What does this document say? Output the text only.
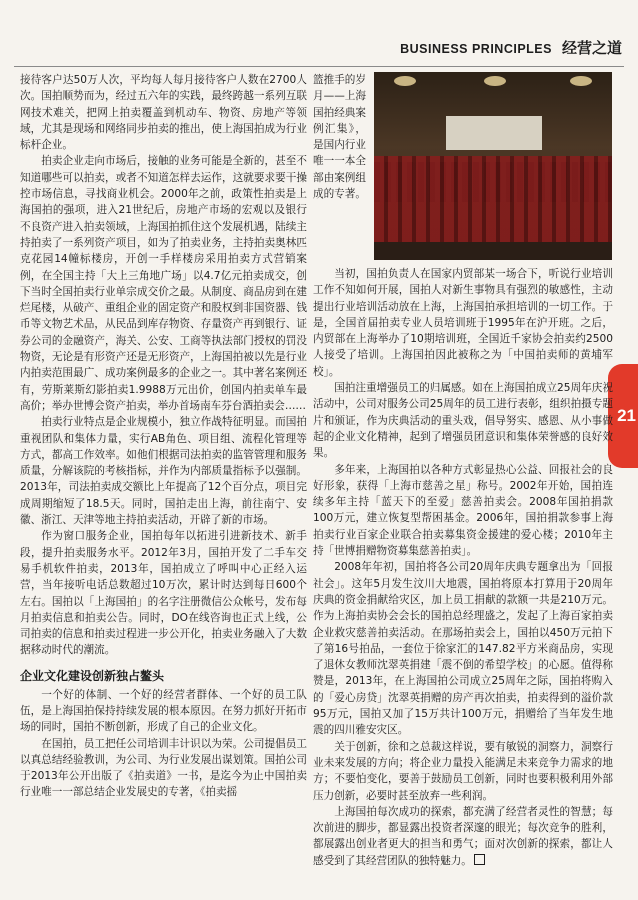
BUSINESS PRINCIPLES 经营之道
21

接待客户达50万人次，平均每人每月接待客户人数在2700人次。国拍顺势而为，经过五六年的实践，最终跨越一系列互联网技术难关，把网上拍卖覆盖到机动车、物资、房地产等领域，尤其是现场和网络同步拍卖的推出，使上海国拍成为行业标杆企业。

拍卖企业走向市场后，接触的业务可能是全新的，甚至不知道哪些可以拍卖，或者不知道怎样去运作，这就要求要干操控市场信息，寻找商业机会。2000年之前，政策性拍卖是上海国拍的强项，进入21世纪后，房地产市场的宏观以及银行不良资产进入拍卖领域，上海国拍抓住这个发展机遇，陆续主持拍卖了一系列资产项目，如为了拍卖业务，主持拍卖奥林匹克花园14幢标楼房，开创一手样楼房采用拍卖方式营销案例，在全国主持「大上三角地广场」以4.7亿元拍卖成交，创下当时全国拍卖行业单宗成交价之最。从制度、商品房到在建烂尾楼，从破产、重组企业的固定资产和股权到非国资器、钱币等文物艺术品，从民品到库存物资、存量资产再到银行、证券公司的金融资产，海关、公安、工商等执法部门授权的罚没物资，无论是有形资产还是无形资产，上海国拍被以先是行业内拍卖范围最广、成功案例最多的企业之一。其中著名案例还有，劳斯莱斯幻影拍卖1.9988万元出价，创国内拍卖单车最高价；举办世博会资产拍卖，举办首场南车芬台酒拍卖会……

拍卖行业特点是企业规模小，独立作战特征明显。而国拍重视团队和集体力量，实行AB角色、项目组、流程化管理等方式，都高工作效率。如他们根据司法拍卖的监管管理和服务质量，分解该院的考核指标，并作为内部质量指标予以强制。2013年，司法拍卖成交额比上年提高了12个百分点，项目完成周期缩短了18.5天。同时，国拍走出上海，前往南宁、安徽、浙江、天津等地主持拍卖活动，开辟了新的市场。

作为窗口服务企业，国拍每年以拓进引进新技术、新手段，提升拍卖服务水平。2012年3月，国拍开发了二手车交易手机软件拍卖，2013年，国拍成立了呼叫中心正经入运营，当年接听电话总数超过10万次，累计时达到每日600个左右。国拍以「上海国拍」的名字注册微信公众帐号，发布每月拍卖信息和拍卖公告。同时，DO在线咨询也正式上线，公司拍卖的信息和拍卖过程进一步公开化，拍卖业务融入了大数据移动时代的潮流。

企业文化建设创新独占鳌头

一个好的体制、一个好的经营者群体、一个好的员工队伍，是上海国拍保持持续发展的根本原因。在努力抓好开拓市场的同时，国拍不断创新，形成了自己的企业文化。

在国拍，员工把任公司培训丰计识以为荣。公司提倡员工以真总结经验教训，为公司、为行业发展出谋划策。国拍公司于2013年公开出版了《拍卖道》一书，是迄今为止中国拍卖行业唯一一部总结企业发展史的专著，《拍卖摇

篮推手的岁月——上海国拍经典案例汇集》，是国内行业唯一一本全部由案例组成的专著。

当初，国拍负责人在国家内贸部某一场合下，听说行业培训工作不知如何开展，国拍人对新生事物具有强烈的敏感性，主动提出行业培训活动放在上海，上海国拍承担培训的一切工作。于是，全国首届拍卖专业人员培训班于1995年在沪开班。之后，内贸部在上海举办了10期培训班，全国近千家协会拍卖约2500人接受了培训。上海国拍因此被称之为「中国拍卖师的黄埔军校」。

国拍注重增强员工的归属感。如在上海国拍成立25周年庆祝活动中，公司对服务公司25周年的员工进行表彰，组织拍摄专题片和颁证，作为庆典活动的重头戏，倡导努实、感恩、从小事做起的企业文化精神，起到了增强员团意识和集体荣誉感的良好效果。

多年来，上海国拍以各种方式彰显热心公益、回报社会的良好形象，获得「上海市慈善之星」称号。2002年开始，国拍连续多年主持「蓝天下的至爱」慈善拍卖会。2008年国拍捐款100万元，建立恢复型帮困基金。2006年，国拍捐款参事上海拍卖行业百家企业联合拍卖募集资金援建的爱心楼；2010年主持「世博捐赠物资募集慈善拍卖」。

2008年年初，国拍将各公司20周年庆典专题拿出为「回报社会」。这年5月发生汶川大地震，国拍将原本打算用于20周年庆典的资金捐献给灾区，加上员工捐献的款额一共是210万元。作为上海拍卖协会会长的国拍总经理盛之，发起了上海百家拍卖企业救灾慈善拍卖活动。在那场拍卖会上，国拍以450万元拍下了第16号拍品，一套位于徐家汇的147.82平方米商品房，实现了退休女教师沈翠英捐建「震不倒的希望学校」的心愿。值得称赞是，2013年，在上海国拍公司成立25周年之际，国拍将购入的「爱心房贷」沈翠英捐赠的房产再次拍卖，拍卖得到的溢价款95万元，国拍又加了15万共计100万元，捐赠给了当年发生地震的四川雅安灾区。

关于创新，徐和之总裁这样说，要有敏锐的洞察力，洞察行业未来发展的方向；将企业力量投入能满足未来竞争力需求的地方；不要怕变化，要善于鼓励员工创新，同时也要积极利用外部压力创新，必要时甚至放弃一些利润。

上海国拍每次成功的探索，都充满了经营者灵性的智慧；每次前进的脚步，都显露出投资者深邃的眼光；每次竞争的胜利，都展露出创业者更大的担当和勇气；面对次创新的探索，都让人感受到了其经营团队的独特魅力。
